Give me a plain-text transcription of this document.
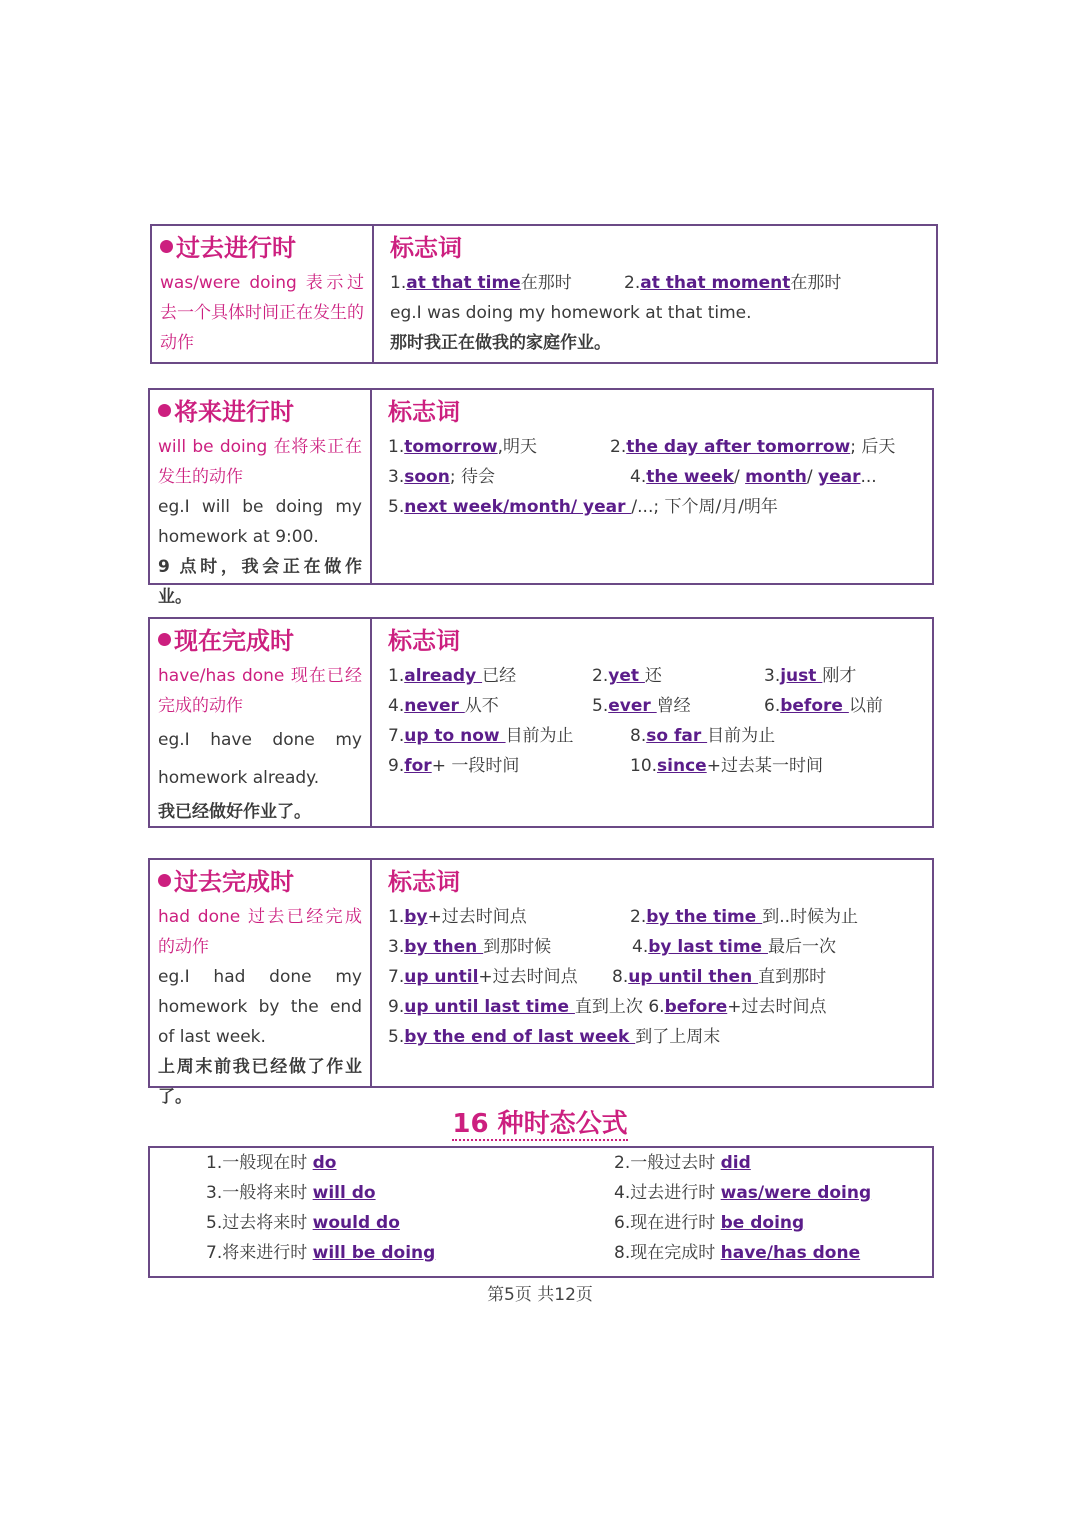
过去进行时
was/were doing 表示过去一个具体时间正在发生的动作
标志词
1.at that time在那时	2.at that moment在那时
eg.I was doing my homework at that time.
那时我正在做我的家庭作业。
将来进行时
will be doing 在将来正在发生的动作
eg.I will be doing my homework at 9:00.
9 点时，我会正在做作业。
标志词
1.tomorrow,明天	2.the day after tomorrow; 后天
3.soon; 待会	4.the week/ month/ year...
5.next week/month/ year /...; 下个周/月/明年
现在完成时
have/has done 现在已经完成的动作
eg.I have done my homework already.
我已经做好作业了。
标志词
1.already 已经	2.yet 还	3.just 刚才
4.never 从不	5.ever 曾经	6.before 以前
7.up to now 目前为止	8.so far 目前为止
9.for+ 一段时间	10.since+过去某一时间
过去完成时
had done 过去已经完成的动作
eg.I had done my homework by the end of last week.
上周末前我已经做了作业了。
标志词
1.by+过去时间点	2.by the time 到..时候为止
3.by then 到那时候	4.by last time 最后一次
7.up until+过去时间点 8.up until then 直到那时
9.up until last time 直到上次 6.before+过去时间点
5.by the end of last week 到了上周末
16 种时态公式
1.一般现在时 do	2.一般过去时 did
3.一般将来时 will do	4.过去进行时 was/were doing
5.过去将来时 would do	6.现在进行时 be doing
7.将来进行时 will be doing	8.现在完成时 have/has done
第5页 共12页
